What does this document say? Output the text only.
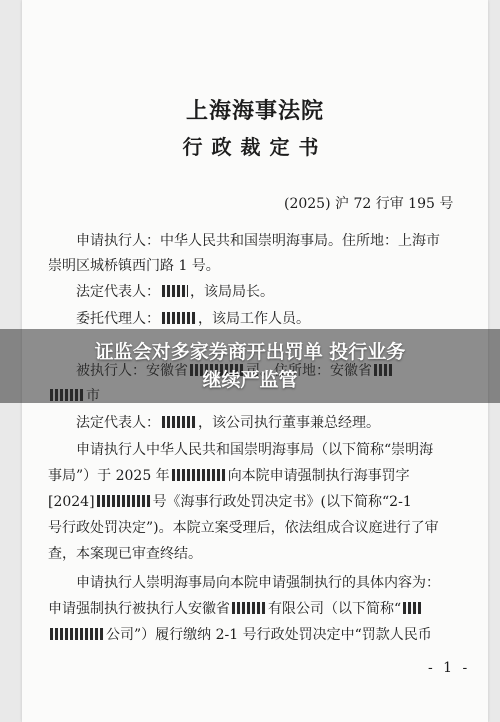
上海海事法院
行政裁定书
(2025) 沪 72 行审 195 号
申请执行人：中华人民共和国崇明海事局。住所地：上海市
崇明区城桥镇西门路 1 号。
法定代表人： ，该局局长。
委托代理人：	，该局工作人员。
法定代表人：	，该公司执行董事兼总经理。
申请执行人中华人民共和国崇明海事局（以下简称“崇明海
事局”）于 2025 年	向本院申请强制执行海事罚字
[2024]	号《海事行政处罚决定书》(以下简称“2-1
号行政处罚决定”)。本院立案受理后，依法组成合议庭进行了审
查，本案现已审查终结。
申请执行人崇明海事局向本院申请强制执行的具体内容为：
申请强制执行被执行人安徽省	有限公司（以下简称“
公司”）履行缴纳 2-1 号行政处罚决定中“罚款人民币
- 1 -
证监会对多家券商开出罚单 投行业务
继续严监管
